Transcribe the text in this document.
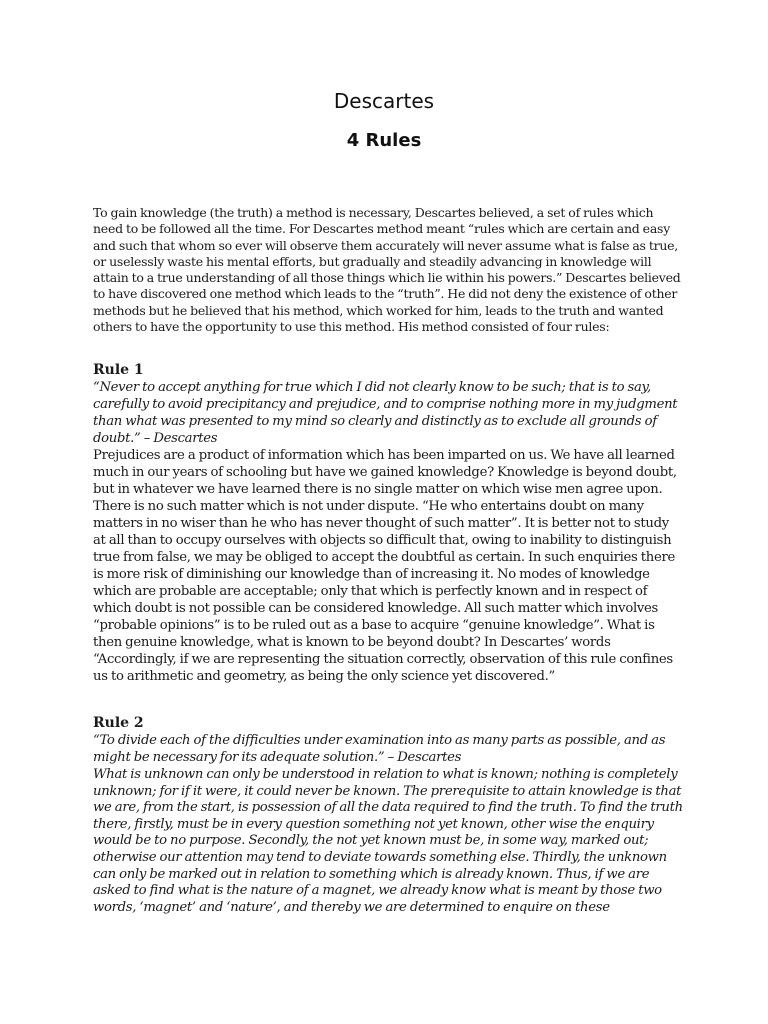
Descartes
4 Rules

To gain knowledge (the truth) a method is necessary, Descartes believed, a set of rules which need to be followed all the time. For Descartes method meant “rules which are certain and easy and such that whom so ever will observe them accurately will never assume what is false as true, or uselessly waste his mental efforts, but gradually and steadily advancing in knowledge will attain to a true understanding of all those things which lie within his powers.” Descartes believed to have discovered one method which leads to the “truth”. He did not deny the existence of other methods but he believed that his method, which worked for him, leads to the truth and wanted others to have the opportunity to use this method. His method consisted of four rules:

Rule 1

“Never to accept anything for true which I did not clearly know to be such; that is to say, carefully to avoid precipitancy and prejudice, and to comprise nothing more in my judgment than what was presented to my mind so clearly and distinctly as to exclude all grounds of doubt.” – Descartes

Prejudices are a product of information which has been imparted on us. We have all learned much in our years of schooling but have we gained knowledge? Knowledge is beyond doubt, but in whatever we have learned there is no single matter on which wise men agree upon. There is no such matter which is not under dispute. “He who entertains doubt on many matters in no wiser than he who has never thought of such matter”. It is better not to study at all than to occupy ourselves with objects so difficult that, owing to inability to distinguish true from false, we may be obliged to accept the doubtful as certain. In such enquiries there is more risk of diminishing our knowledge than of increasing it. No modes of knowledge which are probable are acceptable; only that which is perfectly known and in respect of which doubt is not possible can be considered knowledge. All such matter which involves “probable opinions” is to be ruled out as a base to acquire “genuine knowledge”. What is then genuine knowledge, what is known to be beyond doubt? In Descartes’ words “Accordingly, if we are representing the situation correctly, observation of this rule confines us to arithmetic and geometry, as being the only science yet discovered.”

Rule 2

“To divide each of the difficulties under examination into as many parts as possible, and as might be necessary for its adequate solution.” – Descartes

What is unknown can only be understood in relation to what is known; nothing is completely unknown; for if it were, it could never be known. The prerequisite to attain knowledge is that we are, from the start, is possession of all the data required to find the truth. To find the truth there, firstly, must be in every question something not yet known, other wise the enquiry would be to no purpose. Secondly, the not yet known must be, in some way, marked out; otherwise our attention may tend to deviate towards something else. Thirdly, the unknown can only be marked out in relation to something which is already known. Thus, if we are asked to find what is the nature of a magnet, we already know what is meant by those two words, ‘magnet’ and ‘nature’, and thereby we are determined to enquire on these
